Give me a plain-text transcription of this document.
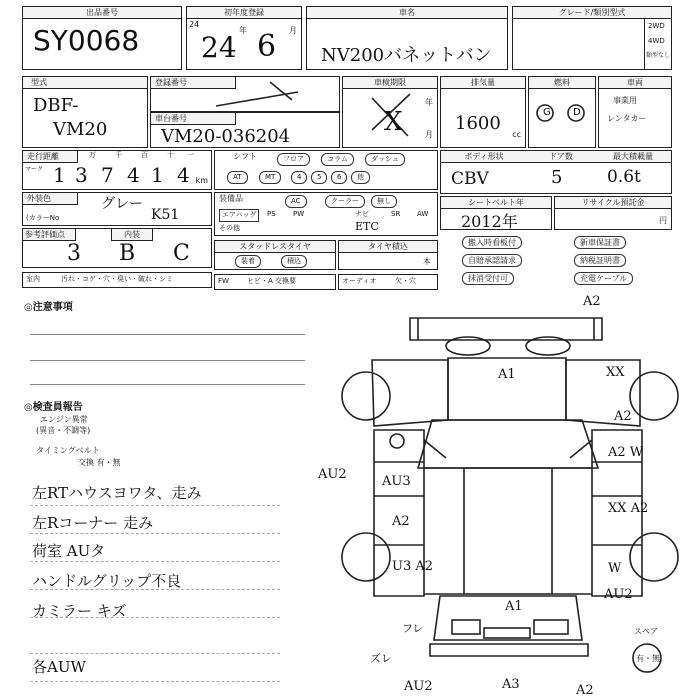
出品番号
SY0068
初年度登録
24
年	月
24 6
車名
NV200バネットバン
グレード/類別型式
2WD
4WD
類型なし
型式
DBF-
VM20
登録番号
車台番号
VM20-036204
車検期限
年
月
排気量
1600
cc
燃料
G D
車両
事業用
レンタカー
走行距離
マーク
万	千	百	十 一
1 3 7 4 1 4 km
シフト	フロア	コラム	ダッシュ
AT	MT	4	5	6	他
ボディ形状	ドア数	最大積載量
CBV	5	0.6t
外装色
(カラーNo
グレー
K51
装備品	AC	クーラー	無し
エアバッグ	PS PW	ナビ	SR AW
その他	ETC
シートベルト年
2012年
リサイクル預託金
円
参考評価点	内装
3 B C	スタッドレスタイヤ
装着	積込
タイヤ積込
本
搬入時看板付	新車保証書
自賠承認請求	納税証明書
抹消受付可	充電ケーブル
室内	汚れ・コゲ・穴・臭い・破れ・シミ	FW	ヒビ・A 交換要	オーディオ	欠・穴
◎注意事項
◎検査員報告
エンジン異常
(異音・不調等)
タイミングベルト
交換 有・無
左RTハウスヨワタ、走み
左Rコーナー 走み
荷室 AUタ
ハンドルグリップ不良
カミラー キズ
各AUW
A2
A1	XX
A2
A2 W
AU2	AU3
A2
XX A2
U3 A2	W
AU2
A1
フレ
ズレ
AU2	A3	A2
X
スペア
有・無
